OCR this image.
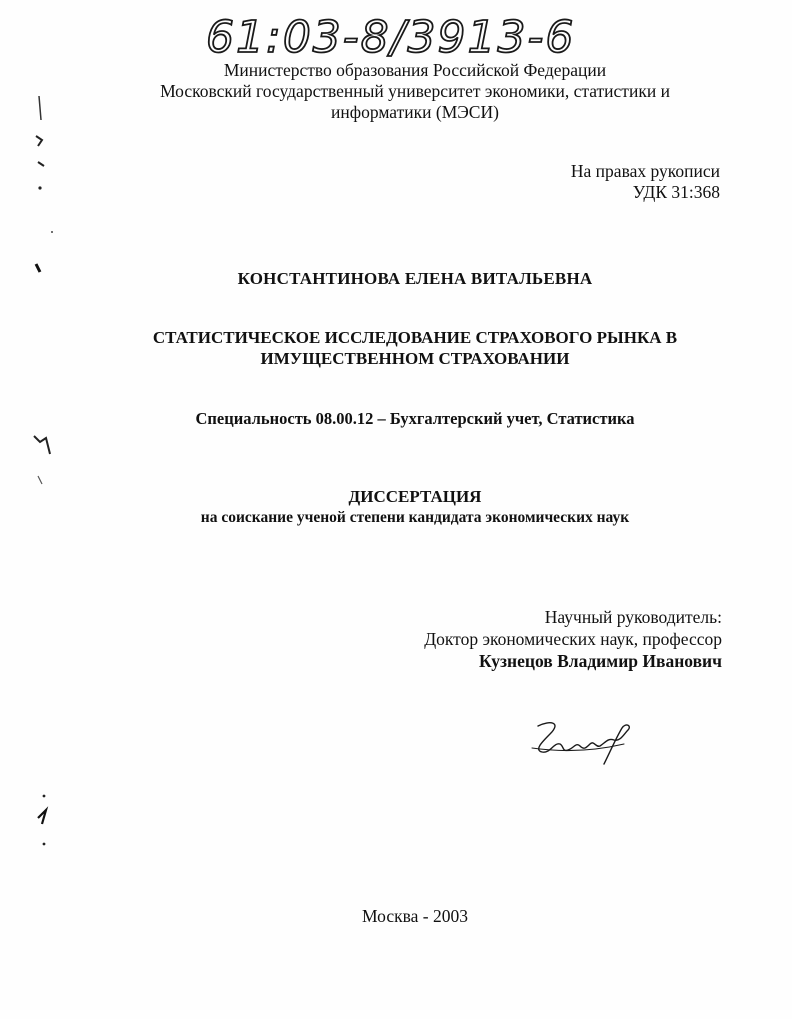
61:03-8/3913-6
Министерство образования Российской Федерации
Московский государственный университет экономики, статистики и
информатики (МЭСИ)
На правах рукописи
УДК 31:368
КОНСТАНТИНОВА ЕЛЕНА ВИТАЛЬЕВНА
СТАТИСТИЧЕСКОЕ ИССЛЕДОВАНИЕ СТРАХОВОГО РЫНКА В
ИМУЩЕСТВЕННОМ СТРАХОВАНИИ
Специальность 08.00.12 – Бухгалтерский учет, Статистика
ДИССЕРТАЦИЯ
на соискание ученой степени кандидата экономических наук
Научный руководитель:
Доктор экономических наук, профессор
Кузнецов Владимир Иванович
Москва - 2003
